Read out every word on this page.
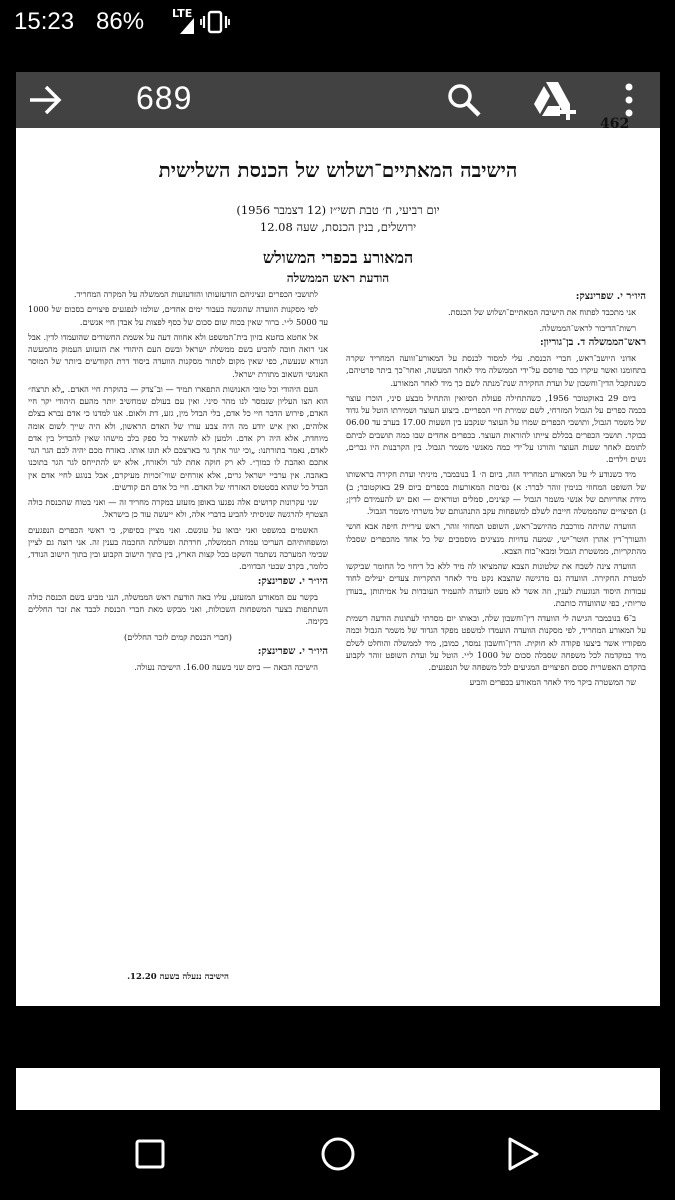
15:23 86%	LTE
689
462
הישיבה המאתיים־ושלוש של הכנסת השלישית
יום רביעי, ח׳ טבת תשי״ז (12 דצמבר 1956)
ירושלים, בנין הכנסת, שעה 12.08
המאורע בכפרי המשולש
הודעת ראש הממשלה

היו״ר י. שפרינצק:

אני מתכבד לפתוח את הישיבה המאתיים־ושלוש של הכנסת.

רשות־הדיבור לראש־הממשלה.

ראש־הממשלה ד. בן־גוריון:

אדוני היושב־ראש, חברי הכנסת. עלי למסור לכנסת על המאורע־זוועה המחריד שקרה בתחומנו ואשר עיקרו כבר פורסם על־ידי הממשלה מיד לאחר המעשה, ואחר־כך ביתר פרטיהם, כשנתקבל הדין־וחשבון של ועדת החקירה שנת־מנתה לשם כך מיד לאחר המאורע.

ביום 29 באוקטובר 1956, כשהתחילה פעולת הסיואין והתחיל מבצע סיני, הוכרז עוצר בכמה כפרים על הגבול המזרחי, לשם שמירת חיי הכפריים. ביצוע העוצר ושמירתו הוטל על גדוד של משמר הגבול, ותושבי הכפרים שמרו על העוצר שנקבע בין השעות 17.00 בערב עד 06.00 בבוקר. תושבי הכפרים בכללם צייתו להוראות העוצר. בכפרים אחדים שבו כמה תושבים לביתם לתומם לאחר שעות העוצר והורגו על־ידי כמה מאנשי משמר הגבול. בין הקרבנות היו גברים, נשים וילדים.

מיד כשנודע לי על המאורע המחריד הזה, ביום ה׳ 1 בנובמבר, מיניתי ועדת חקירה בראשותו של השופט המחוזי בנימין זוהר לברר: א) נסיבות המאורעות בכפרים ביום 29 באוקטובר; ב) מידת אחריותם של אנשי משמר הגבול — קצינים, סמלים וטוראים — ואם יש להעמידם לדין; ג) הפיצויים שהממשלה חייבת לשלם למשפחות עקב התנהגותם של משרתי משמר הגבול.

הוועדה שהיתה מורכבת מהיושב־ראש, השופט המחוזי זוהר, ראש עיריית חיפה אבא חושי והעורך־דין אהרן חוטר־ישי, שמעה עדויות מנציגים מוסמכים של כל אחד מהכפרים שסבלו מהתקריות, ממשטרת הגבול ומבאי־כוח הצבא.

הוועדה צינה לשבח את שלטונות הצבא שהמציאו לה מיד ללא כל דיחוי כל החומר שביקשו למטרת החקירה. הוועדה גם מדגישה שהצבא נקט מיד לאחר התקריות צעדים יעילים לחוד עבודות היסוד הנוגעות לענין, וזה אשר לא מעט לוועדה להעמיד העובדות על אמיתותן „בעודן טריות״, כפי שהוועדה כותבת.

ב־6 בנובמבר הגישה לי הוועדה דין־וחשבון שלה, ובאותו יום מסרתי לעתונות הודעה רשמית על המאורע המחריד, לפי מסקנות הוועדה הועמדו למשפט מפקד הגדוד של משמר הגבול וכמה מפקודיו אשר ביצעו פקודה לא חוקית. הדין־וחשבון נמסר, כמובן, מיד לממשלה והוחלט לשלם מיד כמקדמה לכל משפחה שסבלה סכום של 1000 ל״י. הוטל על ועדת השופט זוהר לקבוע בהקדם האפשרית סכום הפיצויים המגיעים לכל משפחה של הנפגעים.

שר המשטרה ביקר מיד לאחר המאורע בכפרים והביע

לתושבי הכפרים ונציגיהם הזדעזעותו והזדעזעות הממשלה על המקרה המחריד.

לפי מסקנות הוועדה שהוגשה כעבור ימים אחדים, שולמו לנפגעים פיצויים בסכום של 1000 עד 5000 ל״י. ברור שאין בכוח שום סכום של כסף לפצות על אבדן חיי אנשים.

אל אחטא בחטא בזיון בית־המשפט ולא אחווה דעה על אשמת החשודים שהועמדו לדין. אבל אני רואה חובה להביע בשם ממשלת ישראל ובשם העם היהודי את הזעזוע העמוק מהמעשה הנורא שנעשה, כפי שאין מקום לסתור מסקנות הוועדה ביסוד דרת הקודשים ביותר של המוסר האנושי השאוב מתורת ישראל.

העם היהודי וכל טובי האנושות התפארו תמיד — וב־צדק — בהוקרת חיי האדם. „לא תרצח״ הוא הצו העליון שנמסר לנו מהר סיני. ואין עם בעולם שמחשיב יותר מהעם היהודי יקר חיי האדם, פירוש הדבר חיי כל אדם, בלי הבדל מין, גזע, דת ולאום. אנו למדנו כי אדם נברא בצלם אלוהים, ואין איש יודע מה היה צבע עורו של האדם הראשון, ולא היה שייך לשום אומה מיוחדת, אלא היה רק אדם. ולמען לא להשאיר כל ספק בלב מישהו שאין להבדיל בין אדם לאדם, נאמר בתורתנו: „וכי יגור אתך גר בארצכם לא תונו אותו. כאזרח מכם יהיה לכם הגר הגר אתכם ואהבת לו כמוך״. לא רק חוקה אחת לגר ולאזרח, אלא יש להתייחס לגר הגר בתוכנו באהבה. אין ערביי ישראל גרים, אלא אזרחים שווי־זכויות מעיקרם, אבל בנוגע לחיי אדם אין הבדל כל שהוא בסטטוס האזרחי של האדם. חיי כל אדם הם קודשים.

שני עקרונות קדושים אלה נפגעו באופן מזעזע במקרה מחריד זה — ואני בטוח שהכנסת כולה הצטרף להרגשה שניסיתי להביע בדברי אלה, ולא ייעשה עוד כן בישראל.

האשמים במשפט ואני יבואו על עונשם. ואני מציין בסיפוק, כי ראשי הכפרים הנפגעים ומשפחותיהם העריכו עמדת הממשלה, חרדתה ופעולתה החכמה בענין זה. אני רוצה גם לציין שבימי המערכה נשתמר השקט בכל קצות הארץ, בין בתוך הישוב הקבוע ובין בתוך הישוב הנודד, כלומר, בקרב שבטי הבדווים.

היו״ר י. שפרינצק:

בקשר עם המאורע המזעזע, עליו באה הודעת ראש הממשלה, הנני מביע בשם הכנסת כולה השתתפות בצער המשפחות השכולות, ואני מבקש מאת חברי הכנסת לכבד את זכר החללים בקימה.

(חברי הכנסת קמים לזכר החללים)

היו״ר י. שפרינצק:

הישיבה הבאה — ביום שני בשעה 16.00. הישיבה נעולה.

הישיבה ננעלה בשעה 12.20.
